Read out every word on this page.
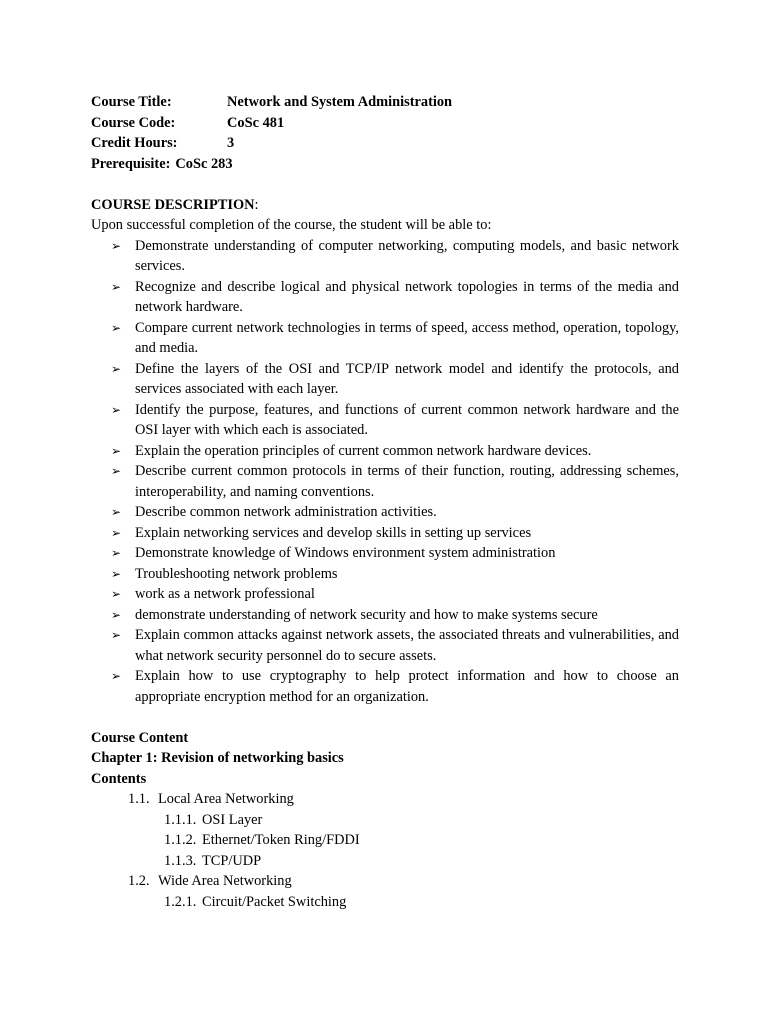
Course Title:	Network and System Administration
Course Code:	CoSc 481
Credit Hours:	3
Prerequisite: CoSc 283
COURSE DESCRIPTION:
Upon successful completion of the course, the student will be able to:
➢ Demonstrate understanding of computer networking, computing models, and basic network services.
➢ Recognize and describe logical and physical network topologies in terms of the media and network hardware.
➢ Compare current network technologies in terms of speed, access method, operation, topology, and media.
➢ Define the layers of the OSI and TCP/IP network model and identify the protocols, and services associated with each layer.
➢ Identify the purpose, features, and functions of current common network hardware and the OSI layer with which each is associated.
➢ Explain the operation principles of current common network hardware devices.
➢ Describe current common protocols in terms of their function, routing, addressing schemes, interoperability, and naming conventions.
➢ Describe common network administration activities.
➢ Explain networking services and develop skills in setting up services
➢ Demonstrate knowledge of Windows environment system administration
➢ Troubleshooting network problems
➢ work as a network professional
➢ demonstrate understanding of network security and how to make systems secure
➢ Explain common attacks against network assets, the associated threats and vulnerabilities, and what network security personnel do to secure assets.
➢ Explain how to use cryptography to help protect information and how to choose an appropriate encryption method for an organization.
Course Content
Chapter 1: Revision of networking basics
Contents
1.1. Local Area Networking
1.1.1. OSI Layer
1.1.2. Ethernet/Token Ring/FDDI
1.1.3. TCP/UDP
1.2. Wide Area Networking
1.2.1. Circuit/Packet Switching
